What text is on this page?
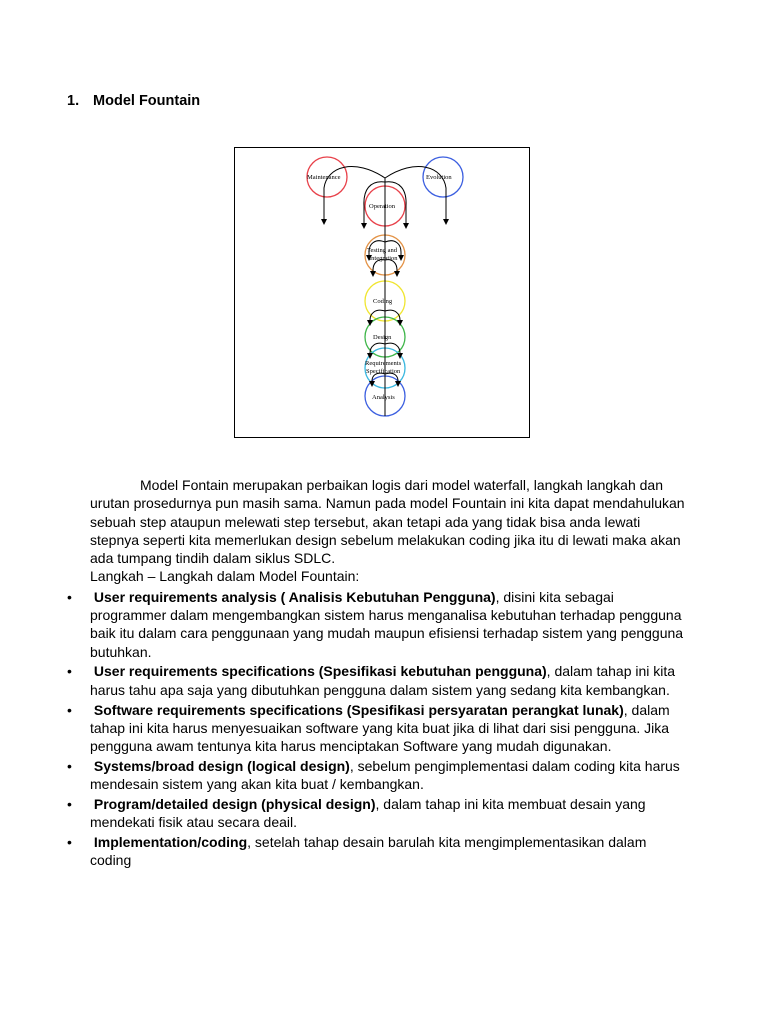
1. Model Fountain
Maintenance	Evolution
Operation
Testing and
Integration
Coding
Design
Requirements
Specification
Analysis

Model Fontain merupakan perbaikan logis dari model waterfall, langkah langkah dan urutan prosedurnya pun masih sama. Namun pada model Fountain ini kita dapat mendahulukan sebuah step ataupun melewati step tersebut, akan tetapi ada yang tidak bisa anda lewati stepnya seperti kita memerlukan design sebelum melakukan coding jika itu di lewati maka akan ada tumpang tindih dalam siklus SDLC.

Langkah – Langkah dalam Model Fountain:

• User requirements analysis ( Analisis Kebutuhan Pengguna), disini kita sebagai programmer dalam mengembangkan sistem harus menganalisa kebutuhan terhadap pengguna baik itu dalam cara penggunaan yang mudah maupun efisiensi terhadap sistem yang pengguna butuhkan.
• User requirements specifications (Spesifikasi kebutuhan pengguna), dalam tahap ini kita harus tahu apa saja yang dibutuhkan pengguna dalam sistem yang sedang kita kembangkan.
• Software requirements specifications (Spesifikasi persyaratan perangkat lunak), dalam tahap ini kita harus menyesuaikan software yang kita buat jika di lihat dari sisi pengguna. Jika pengguna awam tentunya kita harus menciptakan Software yang mudah digunakan.
• Systems/broad design (logical design), sebelum pengimplementasi dalam coding kita harus mendesain sistem yang akan kita buat / kembangkan.
• Program/detailed design (physical design), dalam tahap ini kita membuat desain yang mendekati fisik atau secara deail.
• Implementation/coding, setelah tahap desain barulah kita mengimplementasikan dalam coding
